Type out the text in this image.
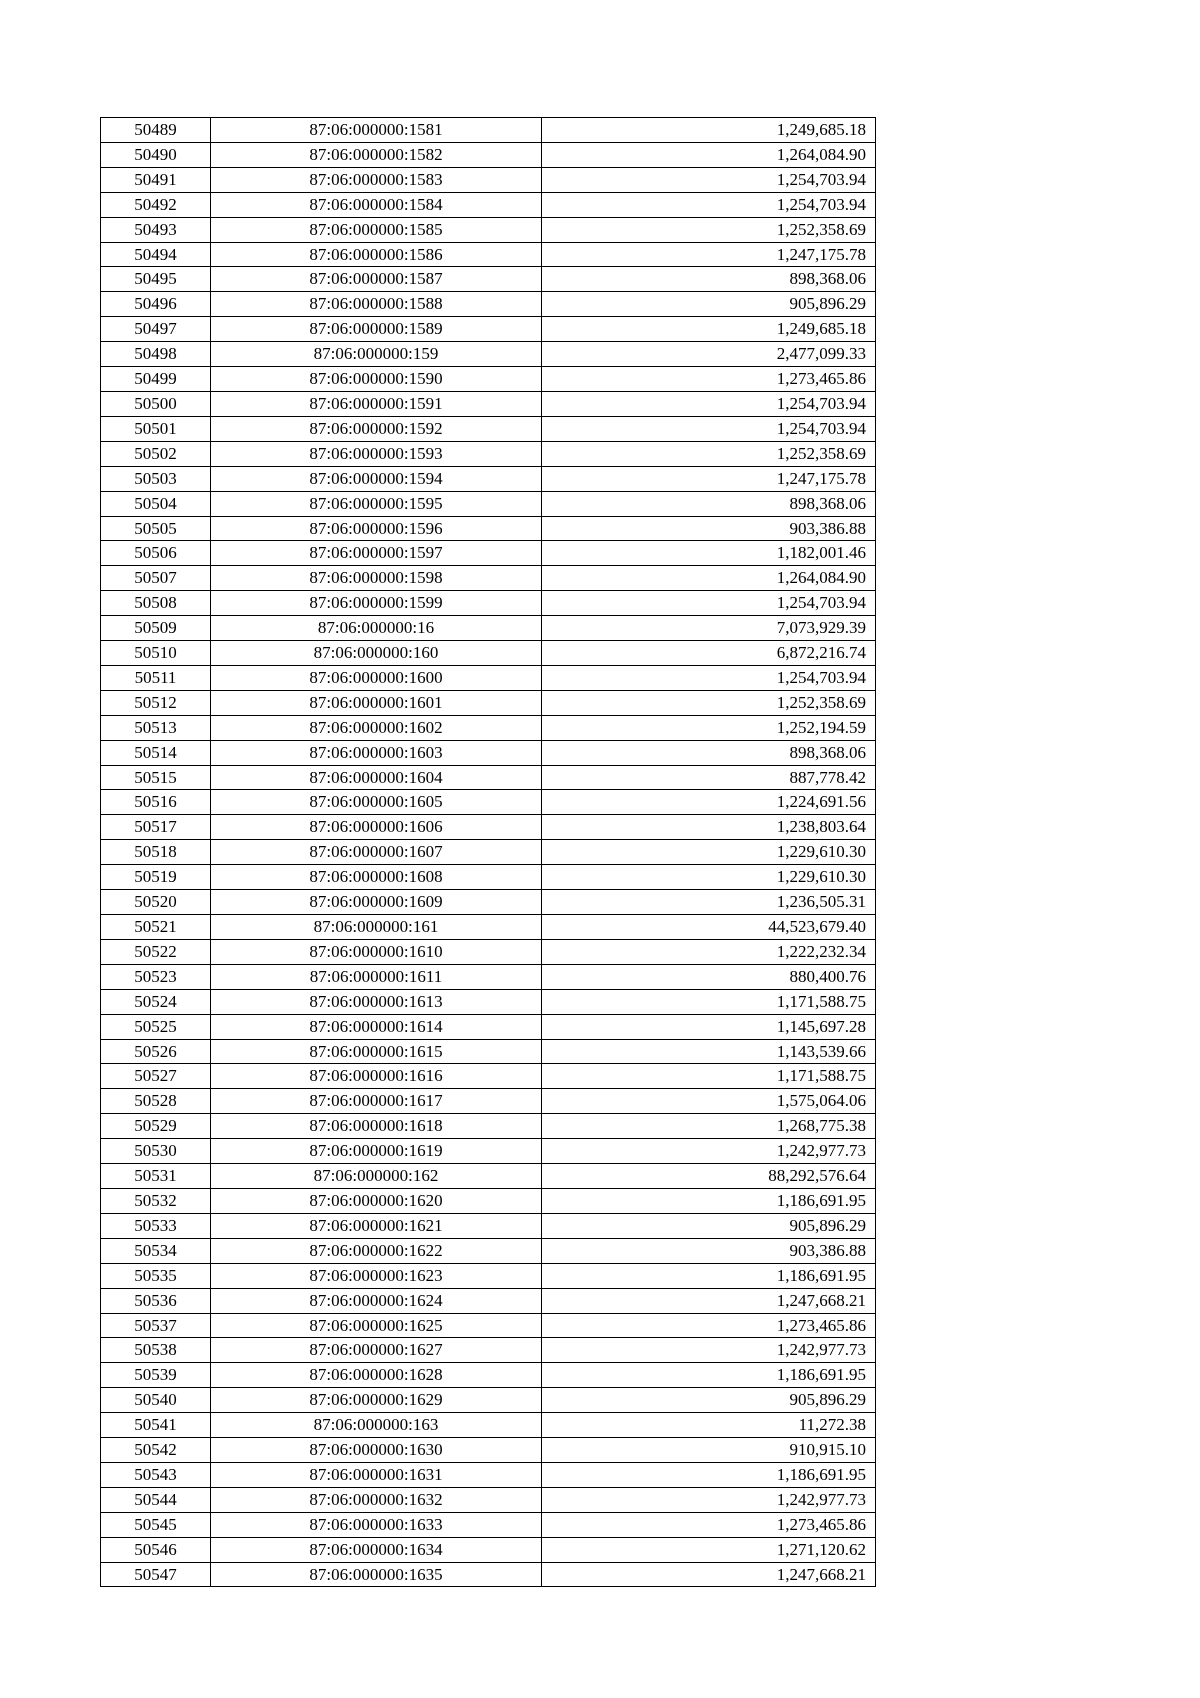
50489	87:06:000000:1581	1,249,685.18
50490	87:06:000000:1582	1,264,084.90
50491	87:06:000000:1583	1,254,703.94
50492	87:06:000000:1584	1,254,703.94
50493	87:06:000000:1585	1,252,358.69
50494	87:06:000000:1586	1,247,175.78
50495	87:06:000000:1587	898,368.06
50496	87:06:000000:1588	905,896.29
50497	87:06:000000:1589	1,249,685.18
50498	87:06:000000:159	2,477,099.33
50499	87:06:000000:1590	1,273,465.86
50500	87:06:000000:1591	1,254,703.94
50501	87:06:000000:1592	1,254,703.94
50502	87:06:000000:1593	1,252,358.69
50503	87:06:000000:1594	1,247,175.78
50504	87:06:000000:1595	898,368.06
50505	87:06:000000:1596	903,386.88
50506	87:06:000000:1597	1,182,001.46
50507	87:06:000000:1598	1,264,084.90
50508	87:06:000000:1599	1,254,703.94
50509	87:06:000000:16	7,073,929.39
50510	87:06:000000:160	6,872,216.74
50511	87:06:000000:1600	1,254,703.94
50512	87:06:000000:1601	1,252,358.69
50513	87:06:000000:1602	1,252,194.59
50514	87:06:000000:1603	898,368.06
50515	87:06:000000:1604	887,778.42
50516	87:06:000000:1605	1,224,691.56
50517	87:06:000000:1606	1,238,803.64
50518	87:06:000000:1607	1,229,610.30
50519	87:06:000000:1608	1,229,610.30
50520	87:06:000000:1609	1,236,505.31
50521	87:06:000000:161	44,523,679.40
50522	87:06:000000:1610	1,222,232.34
50523	87:06:000000:1611	880,400.76
50524	87:06:000000:1613	1,171,588.75
50525	87:06:000000:1614	1,145,697.28
50526	87:06:000000:1615	1,143,539.66
50527	87:06:000000:1616	1,171,588.75
50528	87:06:000000:1617	1,575,064.06
50529	87:06:000000:1618	1,268,775.38
50530	87:06:000000:1619	1,242,977.73
50531	87:06:000000:162	88,292,576.64
50532	87:06:000000:1620	1,186,691.95
50533	87:06:000000:1621	905,896.29
50534	87:06:000000:1622	903,386.88
50535	87:06:000000:1623	1,186,691.95
50536	87:06:000000:1624	1,247,668.21
50537	87:06:000000:1625	1,273,465.86
50538	87:06:000000:1627	1,242,977.73
50539	87:06:000000:1628	1,186,691.95
50540	87:06:000000:1629	905,896.29
50541	87:06:000000:163	11,272.38
50542	87:06:000000:1630	910,915.10
50543	87:06:000000:1631	1,186,691.95
50544	87:06:000000:1632	1,242,977.73
50545	87:06:000000:1633	1,273,465.86
50546	87:06:000000:1634	1,271,120.62
50547	87:06:000000:1635	1,247,668.21
